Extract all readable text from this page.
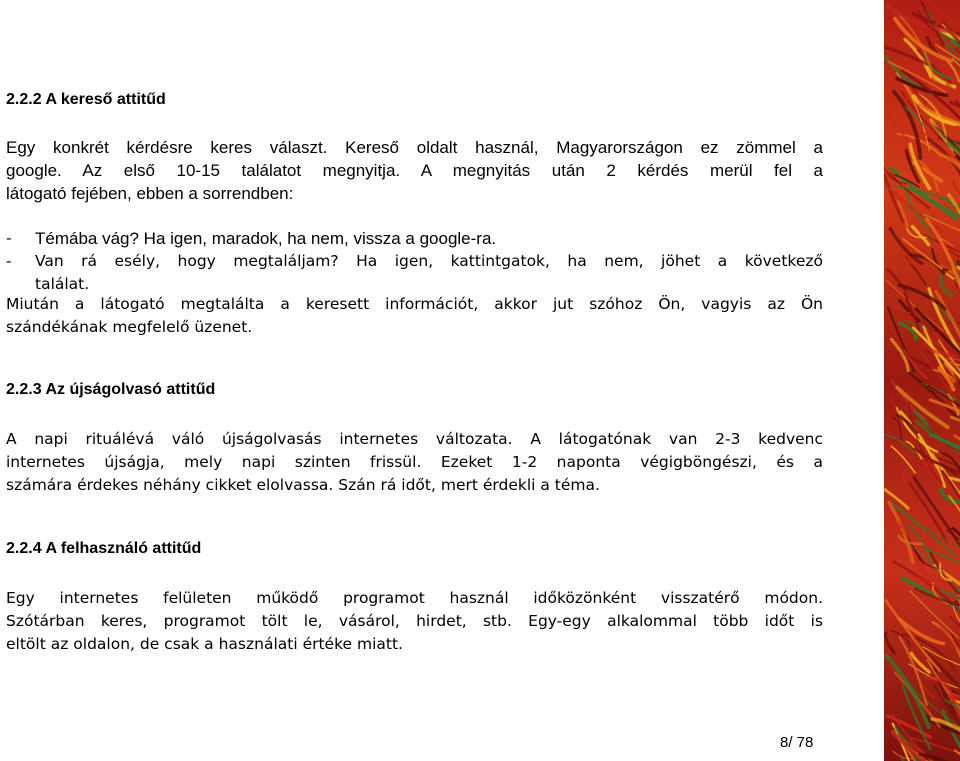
2.2.2 A kereső attitűd
Egy konkrét kérdésre keres választ. Kereső oldalt használ, Magyarországon ez zömmel a
google. Az első 10-15 találatot megnyitja. A megnyitás után 2 kérdés merül fel a
látogató fejében, ebben a sorrendben:
- Témába vág? Ha igen, maradok, ha nem, vissza a google-ra.
- Van rá esély, hogy megtaláljam? Ha igen, kattintgatok, ha nem, jöhet a következő
találat.
Miután a látogató megtalálta a keresett információt, akkor jut szóhoz Ön, vagyis az Ön
szándékának megfelelő üzenet.
2.2.3 Az újságolvasó attitűd
A napi rituálévá váló újságolvasás internetes változata. A látogatónak van 2-3 kedvenc
internetes újságja, mely napi szinten frissül. Ezeket 1-2 naponta végigböngészi, és a
számára érdekes néhány cikket elolvassa. Szán rá időt, mert érdekli a téma.
2.2.4 A felhasználó attitűd
Egy internetes felületen működő programot használ időközönként visszatérő módon.
Szótárban keres, programot tölt le, vásárol, hirdet, stb. Egy-egy alkalommal több időt is
eltölt az oldalon, de csak a használati értéke miatt.
8/ 78
